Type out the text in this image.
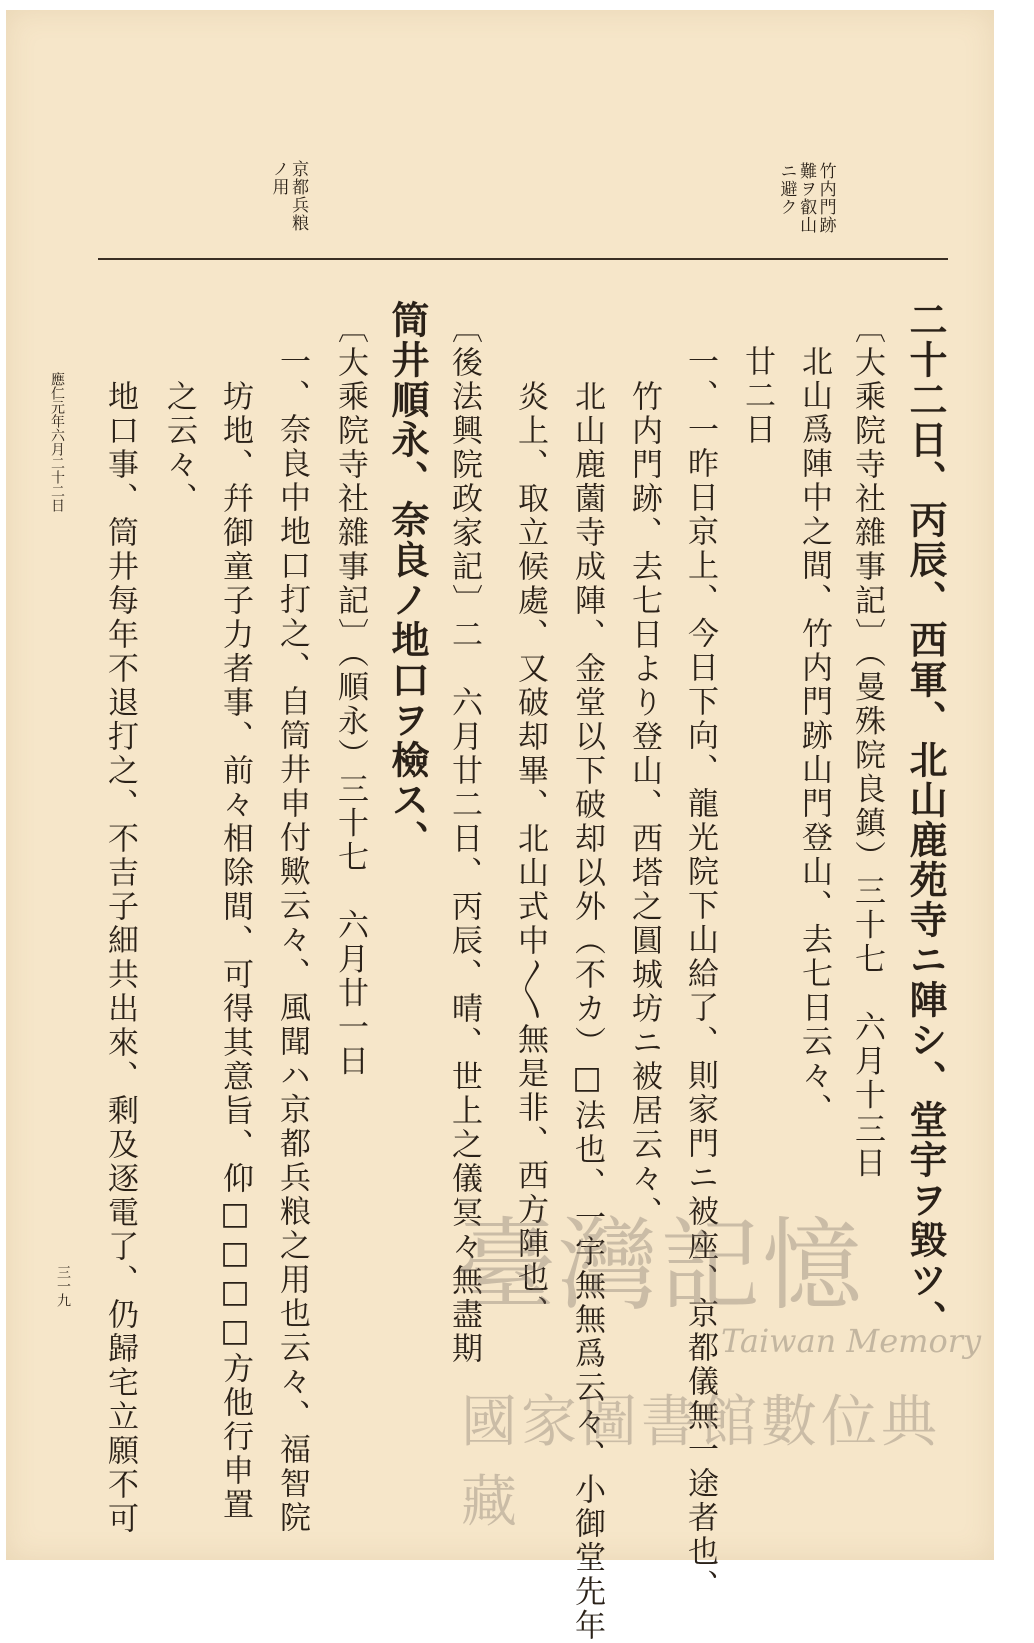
竹内門跡
難ヲ叡山
ニ避ク
京都兵粮
ノ用
二十二日、丙辰、西軍、北山鹿苑寺ニ陣シ、堂宇ヲ毀ツ、
〔大乘院寺社雜事記〕（曼殊院良鎮）三十七　六月十三日
北山爲陣中之間、竹内門跡山門登山、去七日云々、
廿二日
一、一昨日京上、今日下向、龍光院下山給了、則家門ニ被座、京都儀無一途者也、
竹内門跡、去七日より登山、西塔之圓城坊ニ被居云々、
北山鹿薗寺成陣、金堂以下破却以外（不カ）□法也、一宇無無爲云々、小御堂先年
炎上、取立候處、又破却畢、北山式中〳〵無是非、西方陣也、
〔後法興院政家記〕二　六月廿二日、丙辰、晴、世上之儀冥々無盡期
筒井順永、奈良ノ地口ヲ檢ス、
〔大乘院寺社雜事記〕（順永）三十七　六月廿一日
一、奈良中地口打之、自筒井申付歟云々、風聞ハ京都兵粮之用也云々、福智院
坊地、幷御童子力者事、前々相除間、可得其意旨、仰□□□□方他行申置
之云々、
地口事、筒井每年不退打之、不吉子細共出來、剩及逐電了、仍歸宅立願不可
應仁元年六月二十二日
三一九	臺灣記憶
Taiwan Memory
國家圖書館數位典藏
